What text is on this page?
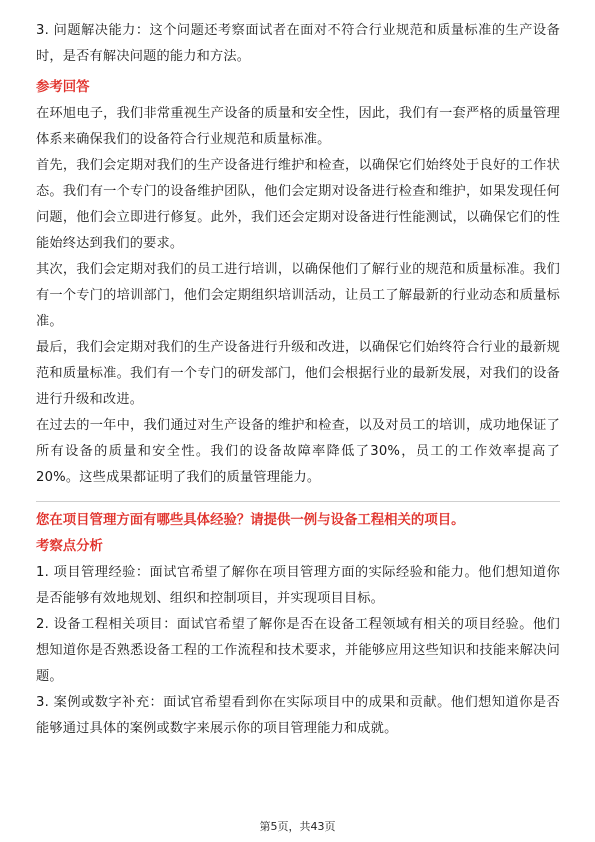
3. 问题解决能力：这个问题还考察面试者在面对不符合行业规范和质量标准的生产设备时，是否有解决问题的能力和方法。

参考回答

在环旭电子，我们非常重视生产设备的质量和安全性，因此，我们有一套严格的质量管理体系来确保我们的设备符合行业规范和质量标准。

首先，我们会定期对我们的生产设备进行维护和检查，以确保它们始终处于良好的工作状态。我们有一个专门的设备维护团队，他们会定期对设备进行检查和维护，如果发现任何问题，他们会立即进行修复。此外，我们还会定期对设备进行性能测试，以确保它们的性能始终达到我们的要求。

其次，我们会定期对我们的员工进行培训，以确保他们了解行业的规范和质量标准。我们有一个专门的培训部门，他们会定期组织培训活动，让员工了解最新的行业动态和质量标准。

最后，我们会定期对我们的生产设备进行升级和改进，以确保它们始终符合行业的最新规范和质量标准。我们有一个专门的研发部门，他们会根据行业的最新发展，对我们的设备进行升级和改进。

在过去的一年中，我们通过对生产设备的维护和检查，以及对员工的培训，成功地保证了所有设备的质量和安全性。我们的设备故障率降低了30%，员工的工作效率提高了20%。这些成果都证明了我们的质量管理能力。

您在项目管理方面有哪些具体经验？请提供一例与设备工程相关的项目。

考察点分析

1. 项目管理经验：面试官希望了解你在项目管理方面的实际经验和能力。他们想知道你是否能够有效地规划、组织和控制项目，并实现项目目标。

2. 设备工程相关项目：面试官希望了解你是否在设备工程领域有相关的项目经验。他们想知道你是否熟悉设备工程的工作流程和技术要求，并能够应用这些知识和技能来解决问题。

3. 案例或数字补充：面试官希望看到你在实际项目中的成果和贡献。他们想知道你是否能够通过具体的案例或数字来展示你的项目管理能力和成就。

第5页，共43页
